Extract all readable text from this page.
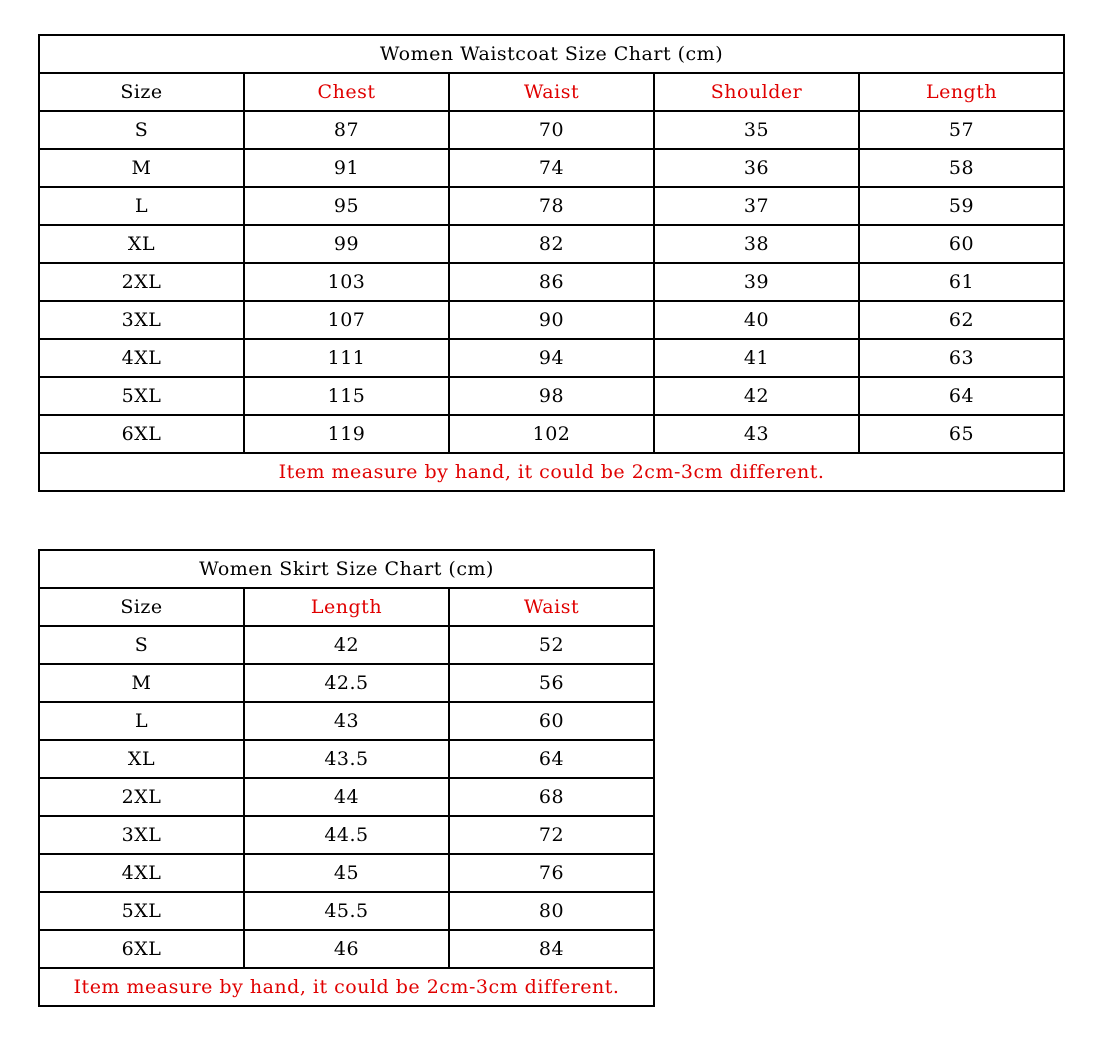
Women Waistcoat Size Chart (cm)				
Size	Chest	Waist	Shoulder	Length
S	87	70	35	57
M	91	74	36	58
L	95	78	37	59
XL	99	82	38	60
2XL	103	86	39	61
3XL	107	90	40	62
4XL	111	94	41	63
5XL	115	98	42	64
6XL	119	102	43	65
Item measure by hand, it could be 2cm-3cm different.				
Women Skirt Size Chart (cm)		
Size	Length	Waist
S	42	52
M	42.5	56
L	43	60
XL	43.5	64
2XL	44	68
3XL	44.5	72
4XL	45	76
5XL	45.5	80
6XL	46	84
Item measure by hand, it could be 2cm-3cm different.		
